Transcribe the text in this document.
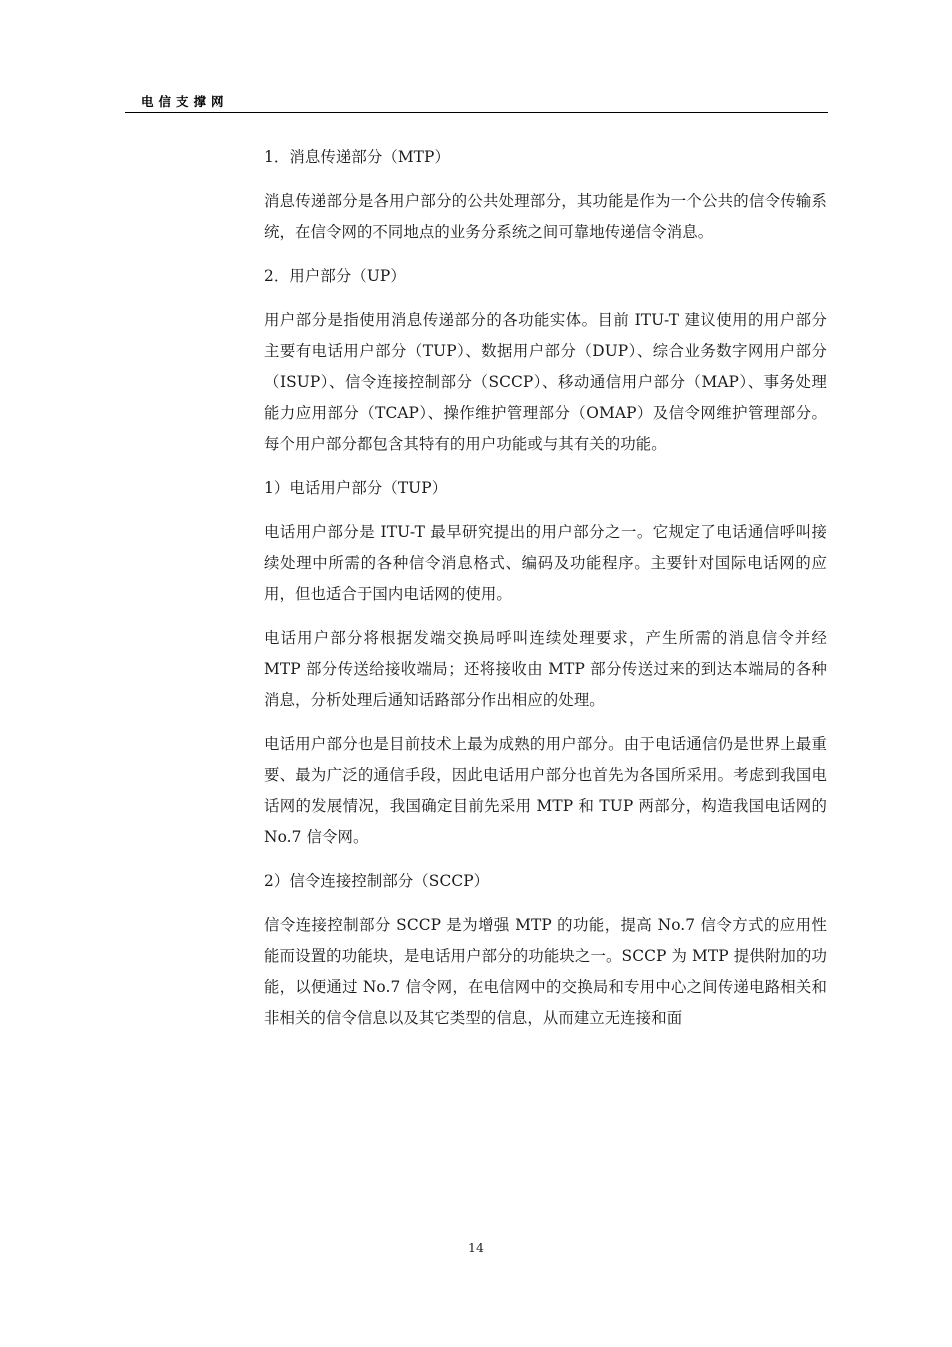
电信支撑网

1．消息传递部分（MTP）

消息传递部分是各用户部分的公共处理部分，其功能是作为一个公共的信令传输系统，在信令网的不同地点的业务分系统之间可靠地传递信令消息。

2．用户部分（UP）

用户部分是指使用消息传递部分的各功能实体。目前 ITU-T 建议使用的用户部分主要有电话用户部分（TUP）、数据用户部分（DUP）、综合业务数字网用户部分（ISUP）、信令连接控制部分（SCCP）、移动通信用户部分（MAP）、事务处理能力应用部分（TCAP）、操作维护管理部分（OMAP）及信令网维护管理部分。每个用户部分都包含其特有的用户功能或与其有关的功能。

1）电话用户部分（TUP）

电话用户部分是 ITU-T 最早研究提出的用户部分之一。它规定了电话通信呼叫接续处理中所需的各种信令消息格式、编码及功能程序。主要针对国际电话网的应用，但也适合于国内电话网的使用。

电话用户部分将根据发端交换局呼叫连续处理要求，产生所需的消息信令并经 MTP 部分传送给接收端局；还将接收由 MTP 部分传送过来的到达本端局的各种消息，分析处理后通知话路部分作出相应的处理。

电话用户部分也是目前技术上最为成熟的用户部分。由于电话通信仍是世界上最重要、最为广泛的通信手段，因此电话用户部分也首先为各国所采用。考虑到我国电话网的发展情况，我国确定目前先采用 MTP 和 TUP 两部分，构造我国电话网的 No.7 信令网。

2）信令连接控制部分（SCCP）

信令连接控制部分 SCCP 是为增强 MTP 的功能，提高 No.7 信令方式的应用性能而设置的功能块，是电话用户部分的功能块之一。SCCP 为 MTP 提供附加的功能，以便通过 No.7 信令网，在电信网中的交换局和专用中心之间传递电路相关和非相关的信令信息以及其它类型的信息，从而建立无连接和面

14
